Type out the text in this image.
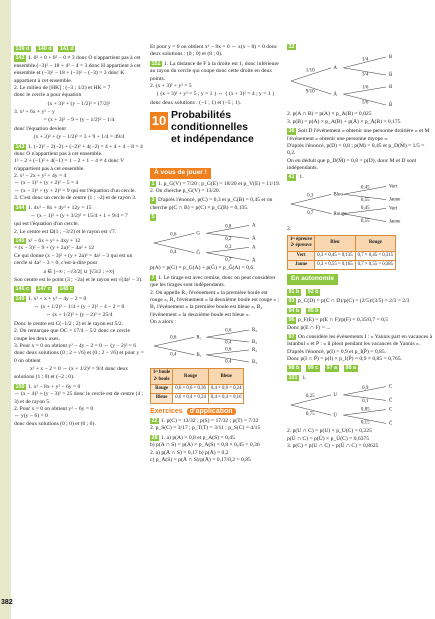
382
139 d 140 d 141 d
142 1. 0² + 0 + 0² − 0 ≠ 3 donc O n'appartient pas à cet ensemble.(−3)² − 18 + 4² − 4 = 3 donc H appartient à cet ensemble et (−3)² − 18 + (−3)² − (−3) = 3 donc K appartient à cet ensemble.
2. Le milieu de [HK] : (−3 ; 1/2) et HK = 7
donc le cercle a pour équation
(x + 3)² + (y − 1/2)² = (7/2)²
3. x² + 6x + y² − y
= (x + 3)² − 9 + (y − 1/2)² − 1/4
donc l'équation devient
(x + 3)² + (y − 1/2)² = 3 + 9 + 1/4 = 49/4
143 1. (−2)² − 2(−2) + (−2)² + 4(−2) = 4 + 4 + 4 − 8 = 4 donc O n'appartient pas à cet ensemble.
1² − 2 + (−1)² + 4(−1) = 1 − 2 + 1 − 4 ≠ 4 donc V n'appartient pas à cet ensemble.
2. x² − 2x + y² + 4y = 4
⇔ (x − 1)² + (y + 2)² − 5 = 4
⇔ (x − 1)² + (y + 2)² = 9 qui est l'équation d'un cercle.
3. C'est donc un cercle de centre (1 ; −2) et de rayon 3.
144 1. 4x² − 8x + 4y² + 12y = 15
⇔ (x − 1)² + (y + 3/2)² = 15/4 + 1 + 9/4 = 7
qui est l'équation d'un cercle.
2. Le centre est Ω(1 ; −3/2) et le rayon est √7.
145 x² − 6x + y² + 4xy + 12
= (x − 3)² − 9 + (y + 2a)² − 4a² + 12
Ce qui donne (x − 3)² + (y + 2a)² = 4a² − 3 qui est un cercle si 4a² − 3 > 0, c'est-à-dire pour
a ∈ ]−∞ ; −√3/2[ ∪ ]√3/2 ; +∞[
Son centre est le point (3 ; −2a) et le rayon est √(4a² − 3).
146 c 147 c 148 c
149 1. x² + x + y² − 4y − 2 = 0
⇔ (x + 1/2)² − 1/4 + (y − 2)² − 4 − 2 = 0
⇔ (x + 1/2)² + (y − 2)² = 25/4
Donc le centre est C(−1/2 ; 2) et le rayon est 5/2.
2. On remarque que OC = 17/4 − 5/2 donc ce cercle coupe les deux axes.
3. Pour x = 0 on obtient y² − 4y − 2 = 0 ⇔ (y − 2)² = 6 donc deux solutions (0 ; 2 + √6) et (0 ; 2 − √6) et pour y = 0 on obtient
x² + x − 2 = 0 ⇔ (x + 1/2)² = 9/4 donc deux
solutions (1 ; 0) et (−2 ; 0).
150 1. x² − 8x + y² − 6y = 0
⇔ (x − 4)² + (y − 3)² = 25 donc le cercle est de centre (4 ; 3) et de rayon 5.
2. Pour x = 0 on obtient y² − 6y = 0
⇔ y(y − 6) = 0
donc deux solutions (0 ; 0) et (0 ; 6).
Et pour y = 0 on obtient x² − 8x = 0 ⇔ x(x − 8) = 0 donc deux solutions : (0 ; 0) et (8 ; 0).
151 1. La distance de F à la droite est 1, donc inférieure au rayon du cercle qui coupe donc cette droite en deux points.
2. (x + 3)² + y² = 5
{ (x + 3)² + y² = 5 ; y = 1 } ⇔ { (x + 3)² = 4 ; y = 1 }
donc deux solutions : (−1 ; 1) et (−5 ; 1).
10 Probabilités
conditionnelles
et indépendance
À vous de jouer !
1 1. p_G(V) = 7/20 ; p_G(E) = 18/20 et p_V(E) = 11/19.
2. On cherche p_G(V) = 13/20.
3 D'après l'énoncé, p(C) = 0,3 et p_C(B) = 0,45 et on cherche p(C ∩ B) = p(C) × p_C(B) = 0,135.
5
0,6	G
0,8	A
0,2	Ā
0,4	Ḡ
0,3	A
0,7	Ā
p(A) = p(G) × p_G(A) + p(Ḡ) × p_Ḡ(A) = 0,6.
7 1. Le tirage est avec remise, donc on peut considérer que les tirages sont indépendants.
2. On appelle R₁ l'événement « la première boule est rouge », R₂ l'événement « la deuxième boule est rouge » ; B₁ l'événement « la première boule est bleue », B₂ l'événement « la deuxième boule est bleue ».
On a alors :
0,6	R₁
0,6	R₂
0,4	B₂
0,4	B₁
0,6	R₂
0,4	B₂
1ʳᵉ boule
2ᵉ boule	Rouge	Bleue
Rouge	0,6 × 0,6 = 0,36	0,4 × 0,6 = 0,24
Bleue	0,6 × 0,4 = 0,24	0,4 × 0,4 = 0,16
Exercices d'application
22 1. p(C) = 13/32 ; p(S) = 17/32 ; p(T) = 7/32
2. p_S(C) = 3/17 ; p_T(T) = 3/11 ; p_S(C) = 4/15
28 1. a) p(A) = 0,8 et p_A(S) = 0,45
b) p(A ∩ S) = p(A) × p_A(S) = 0,8 × 0,45 = 0,36
2. a) p(Ā ∩ S) = 0,17 b) p(Ā) = 0,2
c) p_Ā(S) = p(Ā ∩ S)/p(Ā) = 0,17/0,2 = 0,85
32
1/10
A
1/4	B
3/4	B̄
9/10
Ā
1/6	B
5/6	B̄
2. p(A ∩ B) = p(A) × p_A(B) = 0,025
3. p(B) = p(A) × p_A(B) + p(Ā) × p_Ā(B) = 0,175
36 Soit D l'événement « obtenir une personne droitière » et M l'événement « obtenir une personne myope ».
D'après l'énoncé, p(D) = 0,8 ; p(M) = 0,45 et p_D(M̄) = 1/5 = 0,2.
On en déduit que p_D(M̄) = 0,8 = p(D), donc M et D sont indépendants.
41 1.
0,3	Bleu
0,45	Vert
0,55	Jaune
0,7	Rouge
0,45	Vert
0,55	Jaune
2.
1ʳᵉ épreuve
2ᵉ épreuve	Bleu	Rouge
Vert	0,3 × 0,45 = 0,135	0,7 × 0,45 = 0,315
Jaune	0,3 × 0,55 = 0,165	0,7 × 0,55 = 0,385
En autonomie
91 b 92 b
93 p_C(D) = p(C ∩ D)/p(C) = (2/5)/(3/5) = 2/3 = 2/3
94 b 95 b
96 p_F(E) = p(E ∩ F)/p(F) = 0,35/0,7 = 0,5
Donc p(E ∩ F) = ...
97 On considère les événements I : « Yannis part en vacances à Istanbul » et P : « il pleut pendant les vacances de Yannis ».
D'après l'énoncé, p(I) = 0,9 et p_I(P̄) = 0,85.
Donc p(I ∩ P̄) = p(I) × p_I(P̄) = 0,9 × 0,85 = 0,765.
98 b 99 c 97 a 98 a
101 1.
0,25	U
0,9	C
0,1	C̄
0,75	Ū
0,85	C
0,15	C̄
2. p(U ∩ C) = p(U) × p_U(C) = 0,225
p(Ū ∩ C) = p(Ū) × p_Ū(C) = 0,6375
3. p(C) = p(U ∩ C) + p(Ū ∩ C) = 0,8625
